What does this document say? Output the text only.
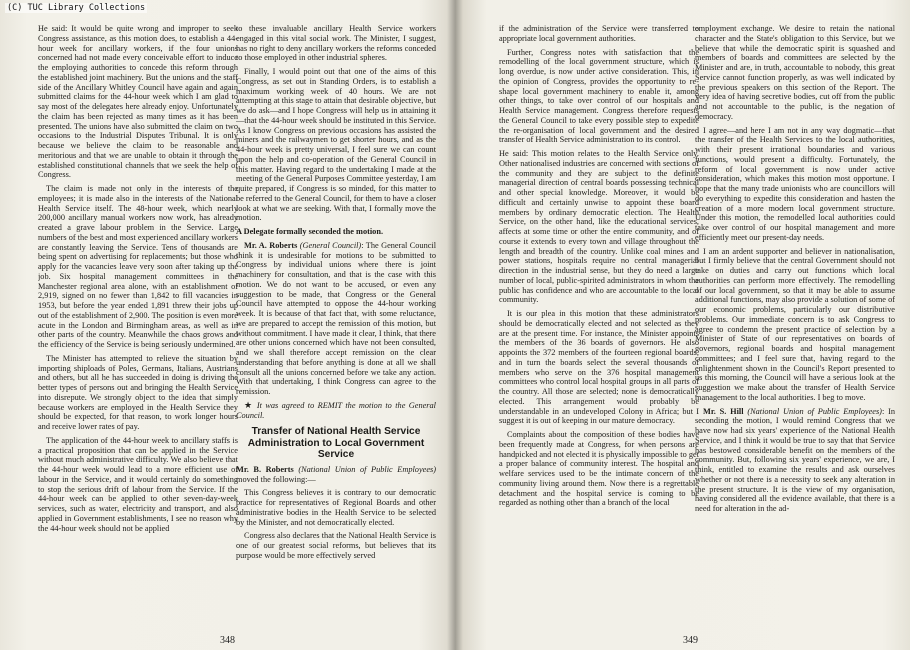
He said: It would be quite wrong and improper to seek Congress assistance, as this motion does, to establish a 44-hour week for ancillary workers, if the four unions concerned had not made every conceivable effort to induce the employing authorities to concede this reform through the established joint machinery. But the unions and the staff side of the Ancillary Whitley Council have again and again submitted claims for the 44-hour week which I am glad to say most of the delegates here already enjoy. Unfortunately the claim has been rejected as many times as it has been presented. The unions have also submitted the claim on two occasions to the Industrial Disputes Tribunal. It is only because we believe the claim to be reasonable and meritorious and that we are unable to obtain it through the established constitutional channels that we seek the help of Congress.

The claim is made not only in the interests of the employees; it is made also in the interests of the National Health Service itself. The 48-hour week, which nearly 200,000 ancillary manual workers now work, has already created a grave labour problem in the Service. Large numbers of the best and most experienced ancillary workers are constantly leaving the Service. Tens of thousands are being spent on advertising for replacements; but those who apply for the vacancies leave very soon after taking up the job. Six hospital management committees in the Manchester regional area alone, with an establishment of 2,919, signed on no fewer than 1,842 to fill vacancies in 1953, but before the year ended 1,891 threw their jobs up out of the establishment of 2,900. The position is even more acute in the London and Birmingham areas, as well as in other parts of the country. Meanwhile the chaos grows and the efficiency of the Service is being seriously undermined.

The Minister has attempted to relieve the situation by importing shiploads of Poles, Germans, Italians, Austrians and others, but all he has succeeded in doing is driving the better types of persons out and bringing the Health Service into disrepute. We strongly object to the idea that simply because workers are employed in the Health Service they should be expected, for that reason, to work longer hours and receive lower rates of pay.

The application of the 44-hour week to ancillary staffs is a practical proposition that can be applied in the Service without much administrative difficulty. We also believe that the 44-hour week would lead to a more efficient use of labour in the Service, and it would certainly do something to stop the serious drift of labour from the Service. If the 44-hour week can be applied to other seven-day-week services, such as water, electricity and transport, and also applied in Government establishments, I see no reason why the 44-hour week should not be applied

to these invaluable ancillary Health Service workers engaged in this vital social work. The Minister, I suggest, has no right to deny ancillary workers the reforms conceded to those employed in other industrial spheres.

Finally, I would point out that one of the aims of this Congress, as set out in Standing Orders, is to establish a maximum working week of 40 hours. We are not attempting at this stage to attain that desirable objective, but we do ask—and I hope Congress will help us in attaining it—that the 44-hour week should be instituted in this Service. As I know Congress on previous occasions has assisted the miners and the railwaymen to get shorter hours, and as the 44-hour week is pretty universal, I feel sure we can count upon the help and co-operation of the General Council in this matter. Having regard to the undertaking I made at the meeting of the General Purposes Committee yesterday, I am quite prepared, if Congress is so minded, for this matter to be referred to the General Council, for them to have a closer look at what we are seeking. With that, I formally move the motion.

A Delegate formally seconded the motion.

Mr. A. Roberts (General Council): The General Council think it is undesirable for motions to be submitted to Congress by individual unions where there is joint machinery for consultation, and that is the case with this motion. We do not want to be accused, or even any suggestion to be made, that Congress or the General Council have attempted to oppose the 44-hour working week. It is because of that fact that, with some reluctance, we are prepared to accept the remission of this motion, but without commitment. I have made it clear, I think, that there are other unions concerned which have not been consulted, and we shall therefore accept remission on the clear understanding that before anything is done at all we shall consult all the unions concerned before we take any action. With that undertaking, I think Congress can agree to the remission.

★ It was agreed to REMIT the motion to the General Council.

Transfer of National Health Service Administration to Local Government Service

Mr. B. Roberts (National Union of Public Employees) moved the following:—

This Congress believes it is contrary to our democratic practice for representatives of Regional Boards and other administrative bodies in the Health Service to be selected by the Minister, and not democratically elected.

Congress also declares that the National Health Service is one of our greatest social reforms, but believes that its purpose would be more effectively served

348

if the administration of the Service were transferred to appropriate local government authorities.

Further, Congress notes with satisfaction that the remodelling of the local government structure, which is long overdue, is now under active consideration. This, in the opinion of Congress, provides the opportunity to re-shape local government machinery to enable it, among other things, to take over control of our hospitals and Health Service management. Congress therefore requests the General Council to take every possible step to expedite the re-organisation of local government and the desired transfer of Health Service administration to its control.

He said: This motion relates to the Health Service only. Other nationalised industries are concerned with sections of the community and they are subject to the definite managerial direction of central boards possessing technical and other special knowledge. Moreover, it would be difficult and certainly unwise to appoint these board members by ordinary democratic election. The Health Service, on the other hand, like the educational services, affects at some time or other the entire community, and of course it extends to every town and village throughout the length and breadth of the country. Unlike coal mines and power stations, hospitals require no central managerial direction in the industrial sense, but they do need a large number of local, public-spirited administrators in whom the public has confidence and who are accountable to the local community.

It is our plea in this motion that these administrators should be democratically elected and not selected as they are at the present time. For instance, the Minister appoints the members of the 36 boards of governors. He also appoints the 372 members of the fourteen regional boards, and in turn the boards select the several thousands of members who serve on the 376 hospital management committees who control local hospital groups in all parts of the country. All those are selected; none is democratically elected. This arrangement would probably be understandable in an undeveloped Colony in Africa; but I suggest it is out of keeping in our mature democracy.

Complaints about the composition of these bodies have been frequently made at Congress, for when persons are handpicked and not elected it is physically impossible to get a proper balance of community interest. The hospital and welfare services used to be the intimate concern of the community living around them. Now there is a regrettable detachment and the hospital service is coming to be regarded as nothing other than a branch of the local

employment exchange. We desire to retain the national character and the State's obligation to this Service, but we believe that while the democratic spirit is squashed and members of boards and committees are selected by the Minister and are, in truth, accountable to nobody, this great Service cannot function properly, as was well indicated by the previous speakers on this section of the Report. The very idea of having secretive bodies, cut off from the public and not accountable to the public, is the negation of democracy.

I agree—and here I am not in any way dogmatic—that the transfer of the Health Services to the local authorities, with their present irrational boundaries and various functions, would present a difficulty. Fortunately, the reform of local government is now under active consideration, which makes this motion most opportune. I hope that the many trade unionists who are councillors will do everything to expedite this consideration and hasten the creation of a more modern local government structure. Under this motion, the remodelled local authorities could take over control of our hospital management and more efficiently meet our present-day needs.

I am an ardent supporter and believer in nationalisation, but I firmly believe that the central Government should not take on duties and carry out functions which local authorities can perform more effectively. The remodelling of our local government, so that it may be able to assume additional functions, may also provide a solution of some of our economic problems, particularly our distributive problems. Our immediate concern is to ask Congress to agree to condemn the present practice of selection by a Minister of State of our representatives on boards of governors, regional boards and hospital management committees; and I feel sure that, having regard to the enlightenment shown in the Council's Report presented to us this morning, the Council will have a serious look at the suggestion we make about the transfer of Health Service management to the local authorities. I beg to move.

Mr. S. Hill (National Union of Public Employees): In seconding the motion, I would remind Congress that we have now had six years' experience of the National Health Service, and I think it would be true to say that that Service has bestowed considerable benefit on the members of the community. But, following six years' experience, we are, I think, entitled to examine the results and ask ourselves whether or not there is a necessity to seek any alteration in the present structure. It is the view of my organisation, having considered all the evidence available, that there is a need for alteration in the ad-

349
(C) TUC Library Collections
